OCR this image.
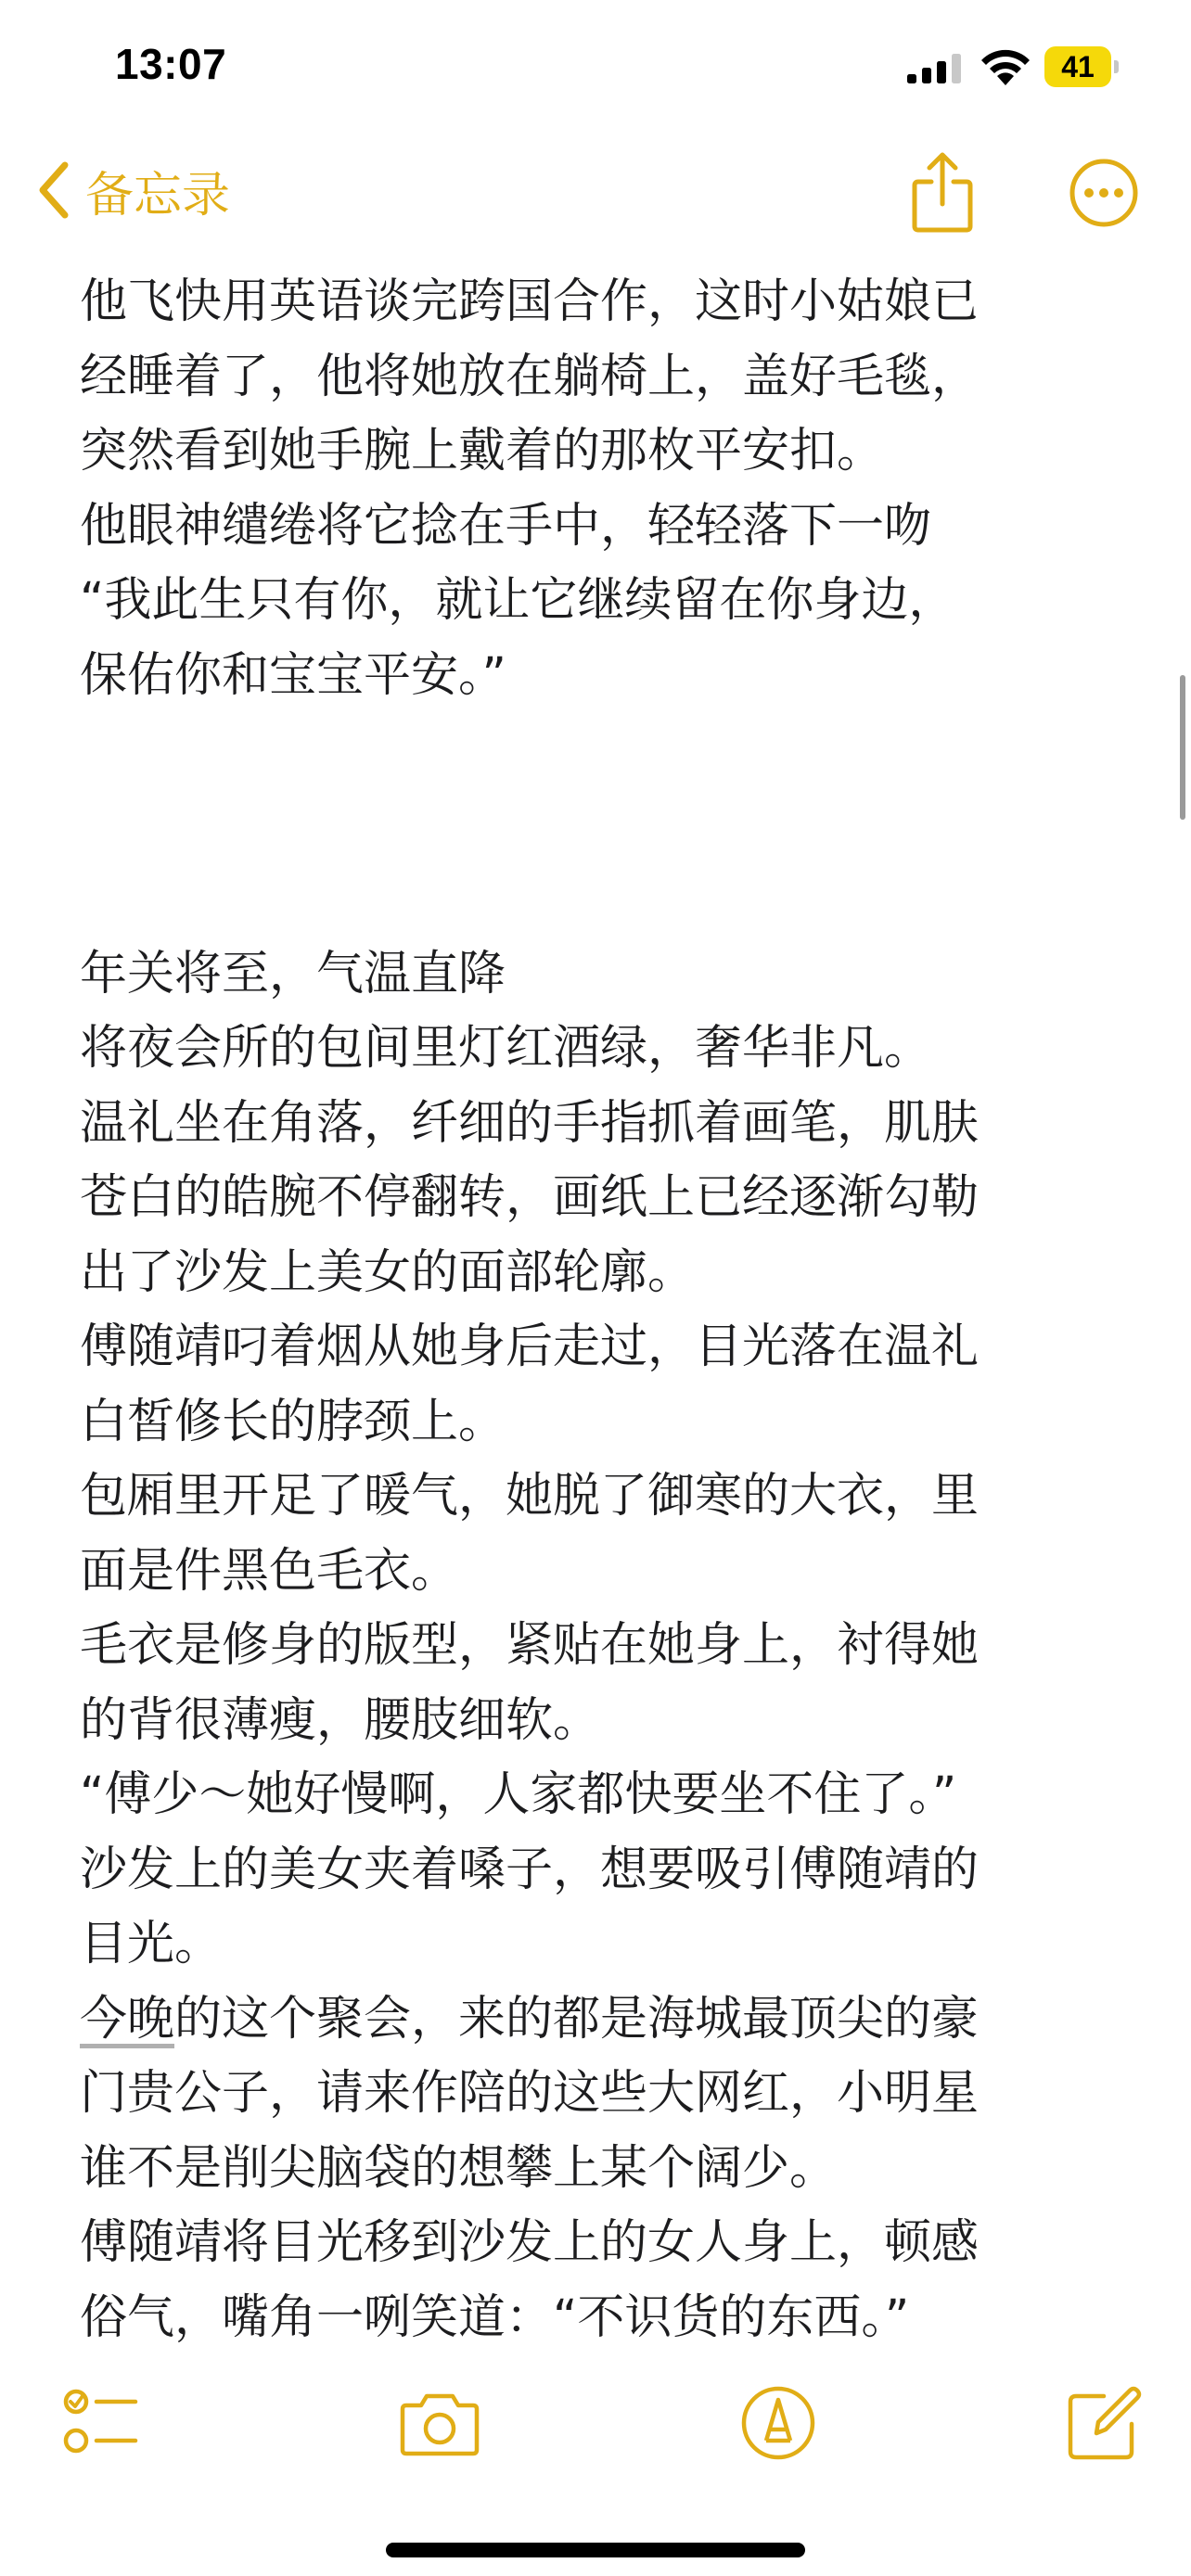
13:07	41
备忘录
他飞快用英语谈完跨国合作，这时小姑娘已
经睡着了，他将她放在躺椅上，盖好毛毯，
突然看到她手腕上戴着的那枚平安扣。
他眼神缱绻将它捻在手中，轻轻落下一吻
“我此生只有你，就让它继续留在你身边，
保佑你和宝宝平安。”
年关将至，气温直降
将夜会所的包间里灯红酒绿，奢华非凡。
温礼坐在角落，纤细的手指抓着画笔，肌肤
苍白的皓腕不停翻转，画纸上已经逐渐勾勒
出了沙发上美女的面部轮廓。
傅随靖叼着烟从她身后走过，目光落在温礼
白皙修长的脖颈上。
包厢里开足了暖气，她脱了御寒的大衣，里
面是件黑色毛衣。
毛衣是修身的版型，紧贴在她身上，衬得她
的背很薄瘦，腰肢细软。
“傅少～她好慢啊，人家都快要坐不住了。”
沙发上的美女夹着嗓子，想要吸引傅随靖的
目光。
今晚的这个聚会，来的都是海城最顶尖的豪
门贵公子，请来作陪的这些大网红，小明星
谁不是削尖脑袋的想攀上某个阔少。
傅随靖将目光移到沙发上的女人身上，顿感
俗气，嘴角一咧笑道：“不识货的东西。”
